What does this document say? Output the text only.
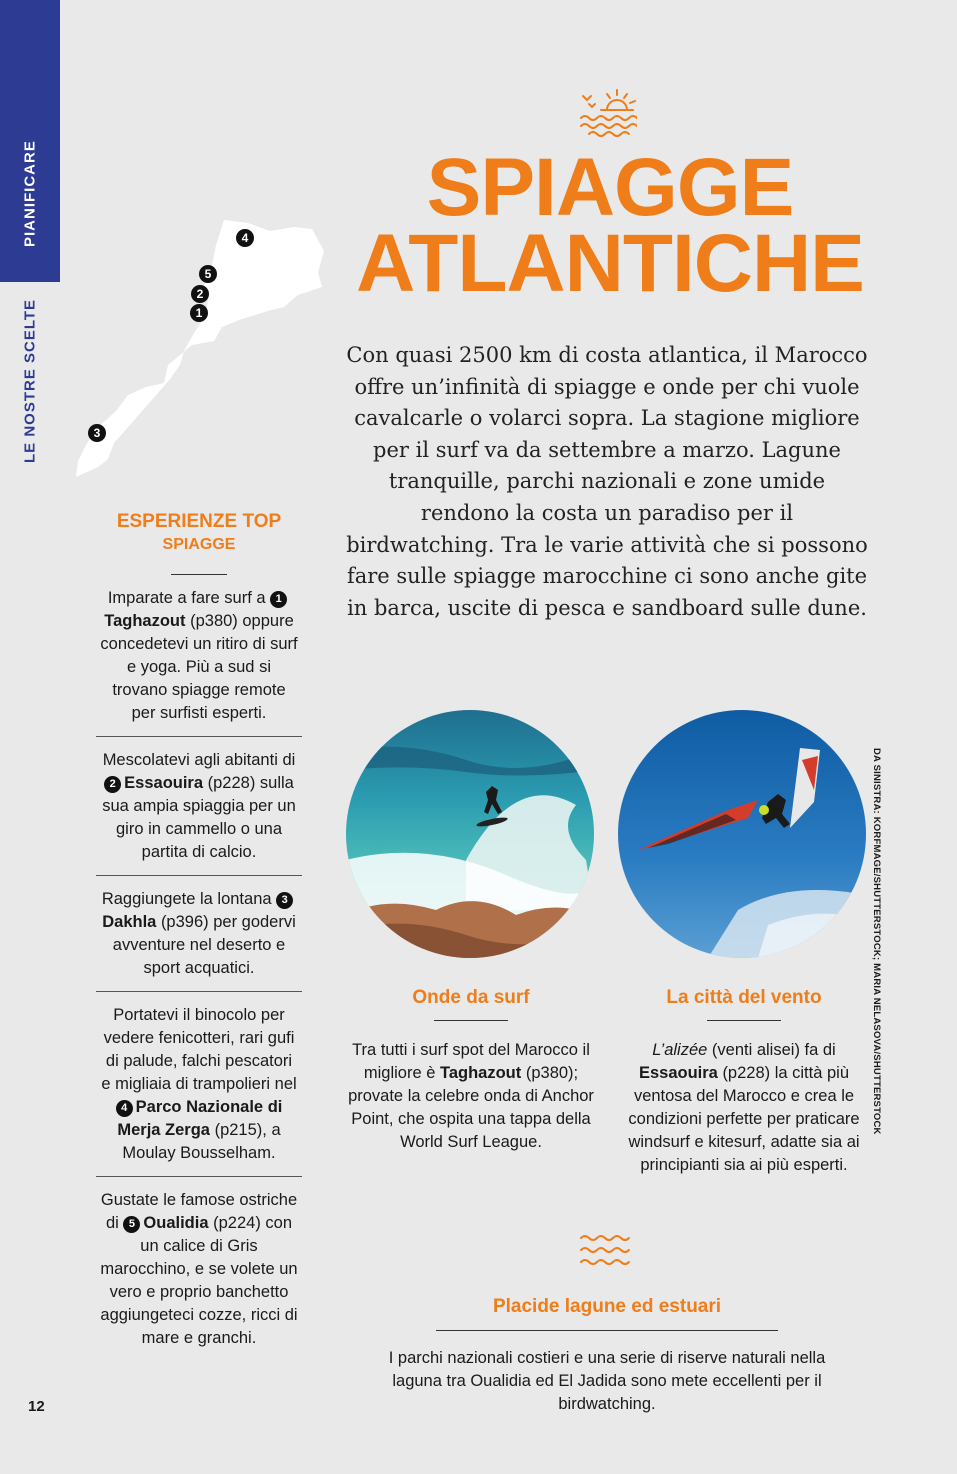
PIANIFICARE
LE NOSTRE SCELTE
4
5
2
1
3
ESPERIENZE TOP
SPIAGGE
Imparate a fare surf a 1Taghazout (p380) oppure concedetevi un ritiro di surf e yoga. Più a sud si trovano spiagge remote per surfisti esperti.
Mescolatevi agli abitanti di 2 Essaouira (p228) sulla sua ampia spiaggia per un giro in cammello o una partita di calcio.
Raggiungete la lontana 3Dakhla (p396) per godervi avventure nel deserto e sport acquatici.
Portatevi il binocolo per vedere fenicotteri, rari gufi di palude, falchi pescatori e migliaia di trampolieri nel 4 Parco Nazionale di Merja Zerga (p215), a Moulay Bousselham.
Gustate le famose ostriche di 5 Oualidia (p224) con un calice di Gris marocchino, e se volete un vero e proprio banchetto aggiungeteci cozze, ricci di mare e granchi.
12
SPIAGGE
ATLANTICHE
Con quasi 2500 km di costa atlantica, il Marocco offre un’infinità di spiagge e onde per chi vuole cavalcarle o volarci sopra. La stagione migliore per il surf va da settembre a marzo. Lagune tranquille, parchi nazionali e zone umide rendono la costa un paradiso per il birdwatching. Tra le varie attività che si possono fare sulle spiagge marocchine ci sono anche gite in barca, uscite di pesca e sandboard sulle dune.
DA SINISTRA: KORFMAGE/SHUTTERSTOCK; MARIA NELASOVA/SHUTTERSTOCK
Onde da surf
Tra tutti i surf spot del Marocco il migliore è Taghazout (p380); provate la celebre onda di Anchor Point, che ospita una tappa della World Surf League.
La città del vento
L’alizée (venti alisei) fa di Essaouira (p228) la città più ventosa del Marocco e crea le condizioni perfette per praticare windsurf e kitesurf, adatte sia ai principianti sia ai più esperti.
Placide lagune ed estuari
I parchi nazionali costieri e una serie di riserve naturali nella laguna tra Oualidia ed El Jadida sono mete eccellenti per il birdwatching.
